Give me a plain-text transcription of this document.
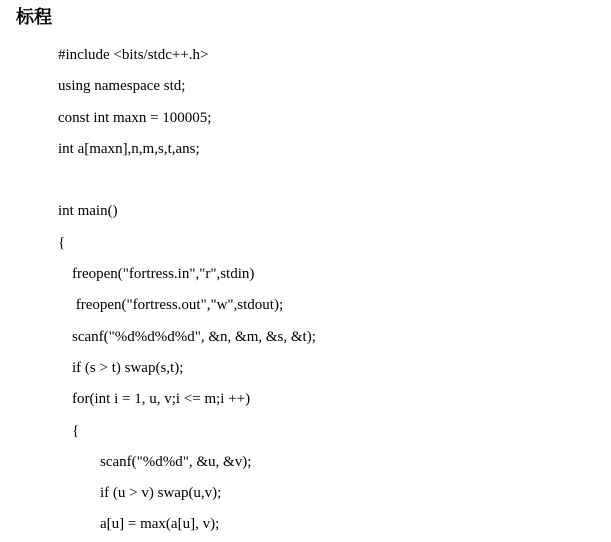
标程
#include <bits/stdc++.h>
using namespace std;
const int maxn = 100005;
int a[maxn],n,m,s,t,ans;
int main()
{
freopen("fortress.in","r",stdin)
freopen("fortress.out","w",stdout);
scanf("%d%d%d%d", &n, &m, &s, &t);
if (s > t) swap(s,t);
for(int i = 1, u, v;i <= m;i ++)
{
scanf("%d%d", &u, &v);
if (u > v) swap(u,v);
a[u] = max(a[u], v);
